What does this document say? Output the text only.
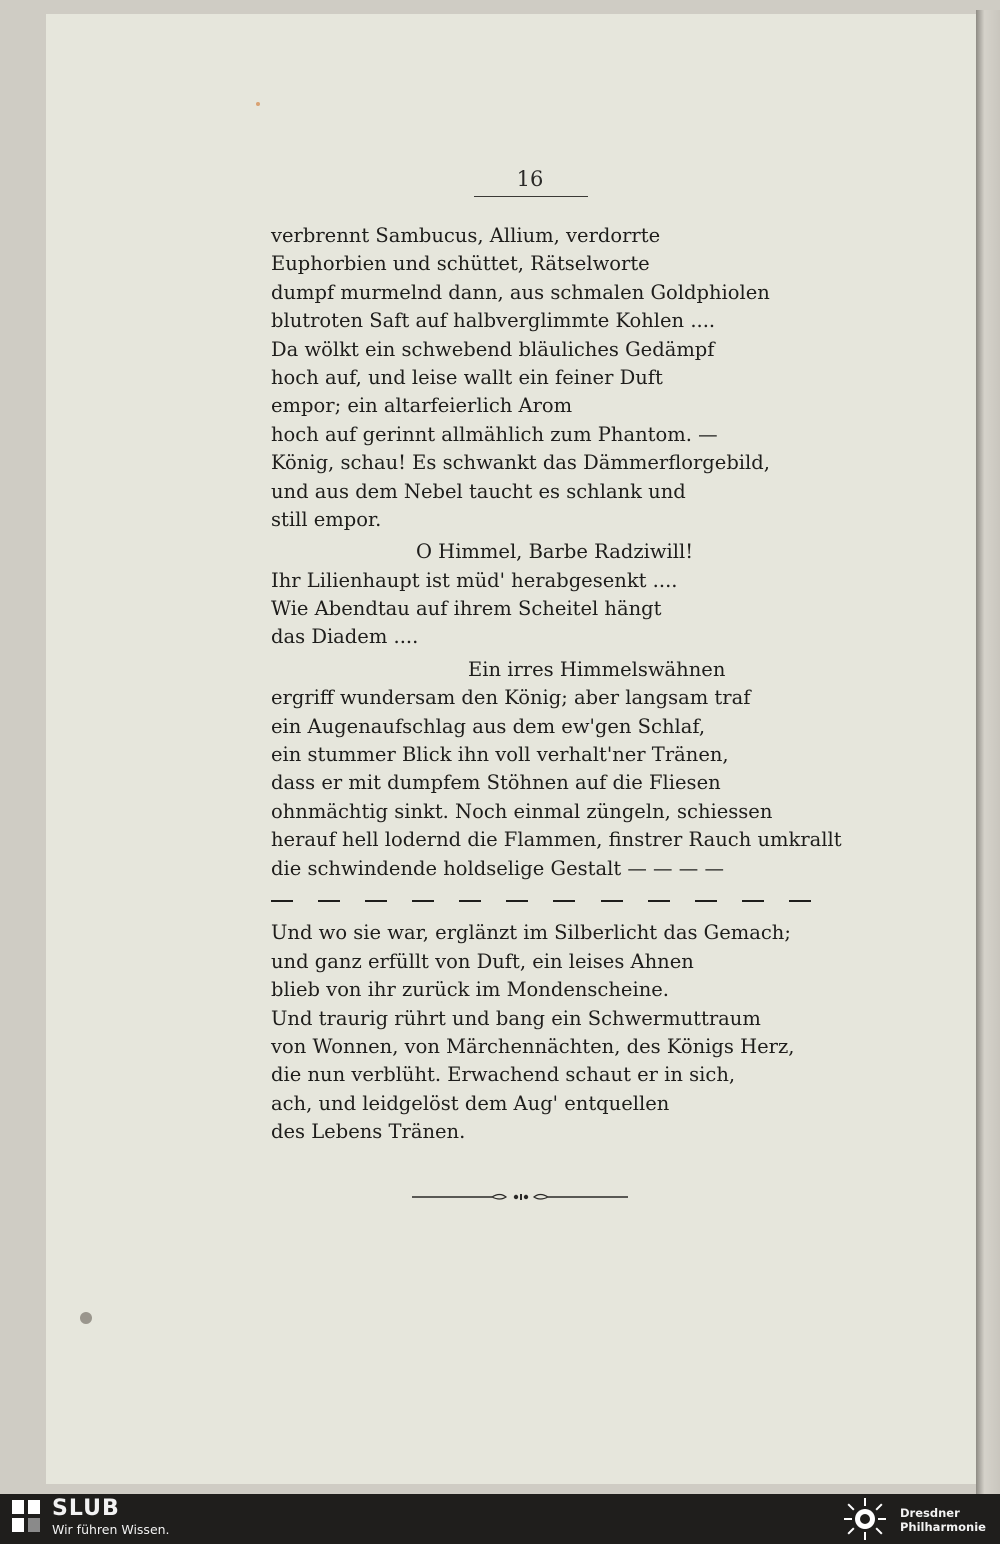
16
verbrennt Sambucus, Allium, verdorrte
Euphorbien und schüttet, Rätselworte
dumpf murmelnd dann, aus schmalen Goldphiolen
blutroten Saft auf halbverglimmte Kohlen ....
Da wölkt ein schwebend bläuliches Gedämpf
hoch auf, und leise wallt ein feiner Duft
empor; ein altarfeierlich Arom
hoch auf gerinnt allmählich zum Phantom. —
König, schau! Es schwankt das Dämmerflorgebild,
und aus dem Nebel taucht es schlank und
still empor.
O Himmel, Barbe Radziwill!
Ihr Lilienhaupt ist müd' herabgesenkt ....
Wie Abendtau auf ihrem Scheitel hängt
das Diadem ....
Ein irres Himmelswähnen
ergriff wundersam den König; aber langsam traf
ein Augenaufschlag aus dem ew'gen Schlaf,
ein stummer Blick ihn voll verhalt'ner Tränen,
dass er mit dumpfem Stöhnen auf die Fliesen
ohnmächtig sinkt. Noch einmal züngeln, schiessen
herauf hell lodernd die Flammen, finstrer Rauch umkrallt
die schwindende holdselige Gestalt — — — —
Und wo sie war, erglänzt im Silberlicht das Gemach;
und ganz erfüllt von Duft, ein leises Ahnen
blieb von ihr zurück im Mondenscheine.
Und traurig rührt und bang ein Schwermuttraum
von Wonnen, von Märchennächten, des Königs Herz,
die nun verblüht. Erwachend schaut er in sich,
ach, und leidgelöst dem Aug' entquellen
des Lebens Tränen.
SLUB
Wir führen Wissen.
Dresdner
Philharmonie
